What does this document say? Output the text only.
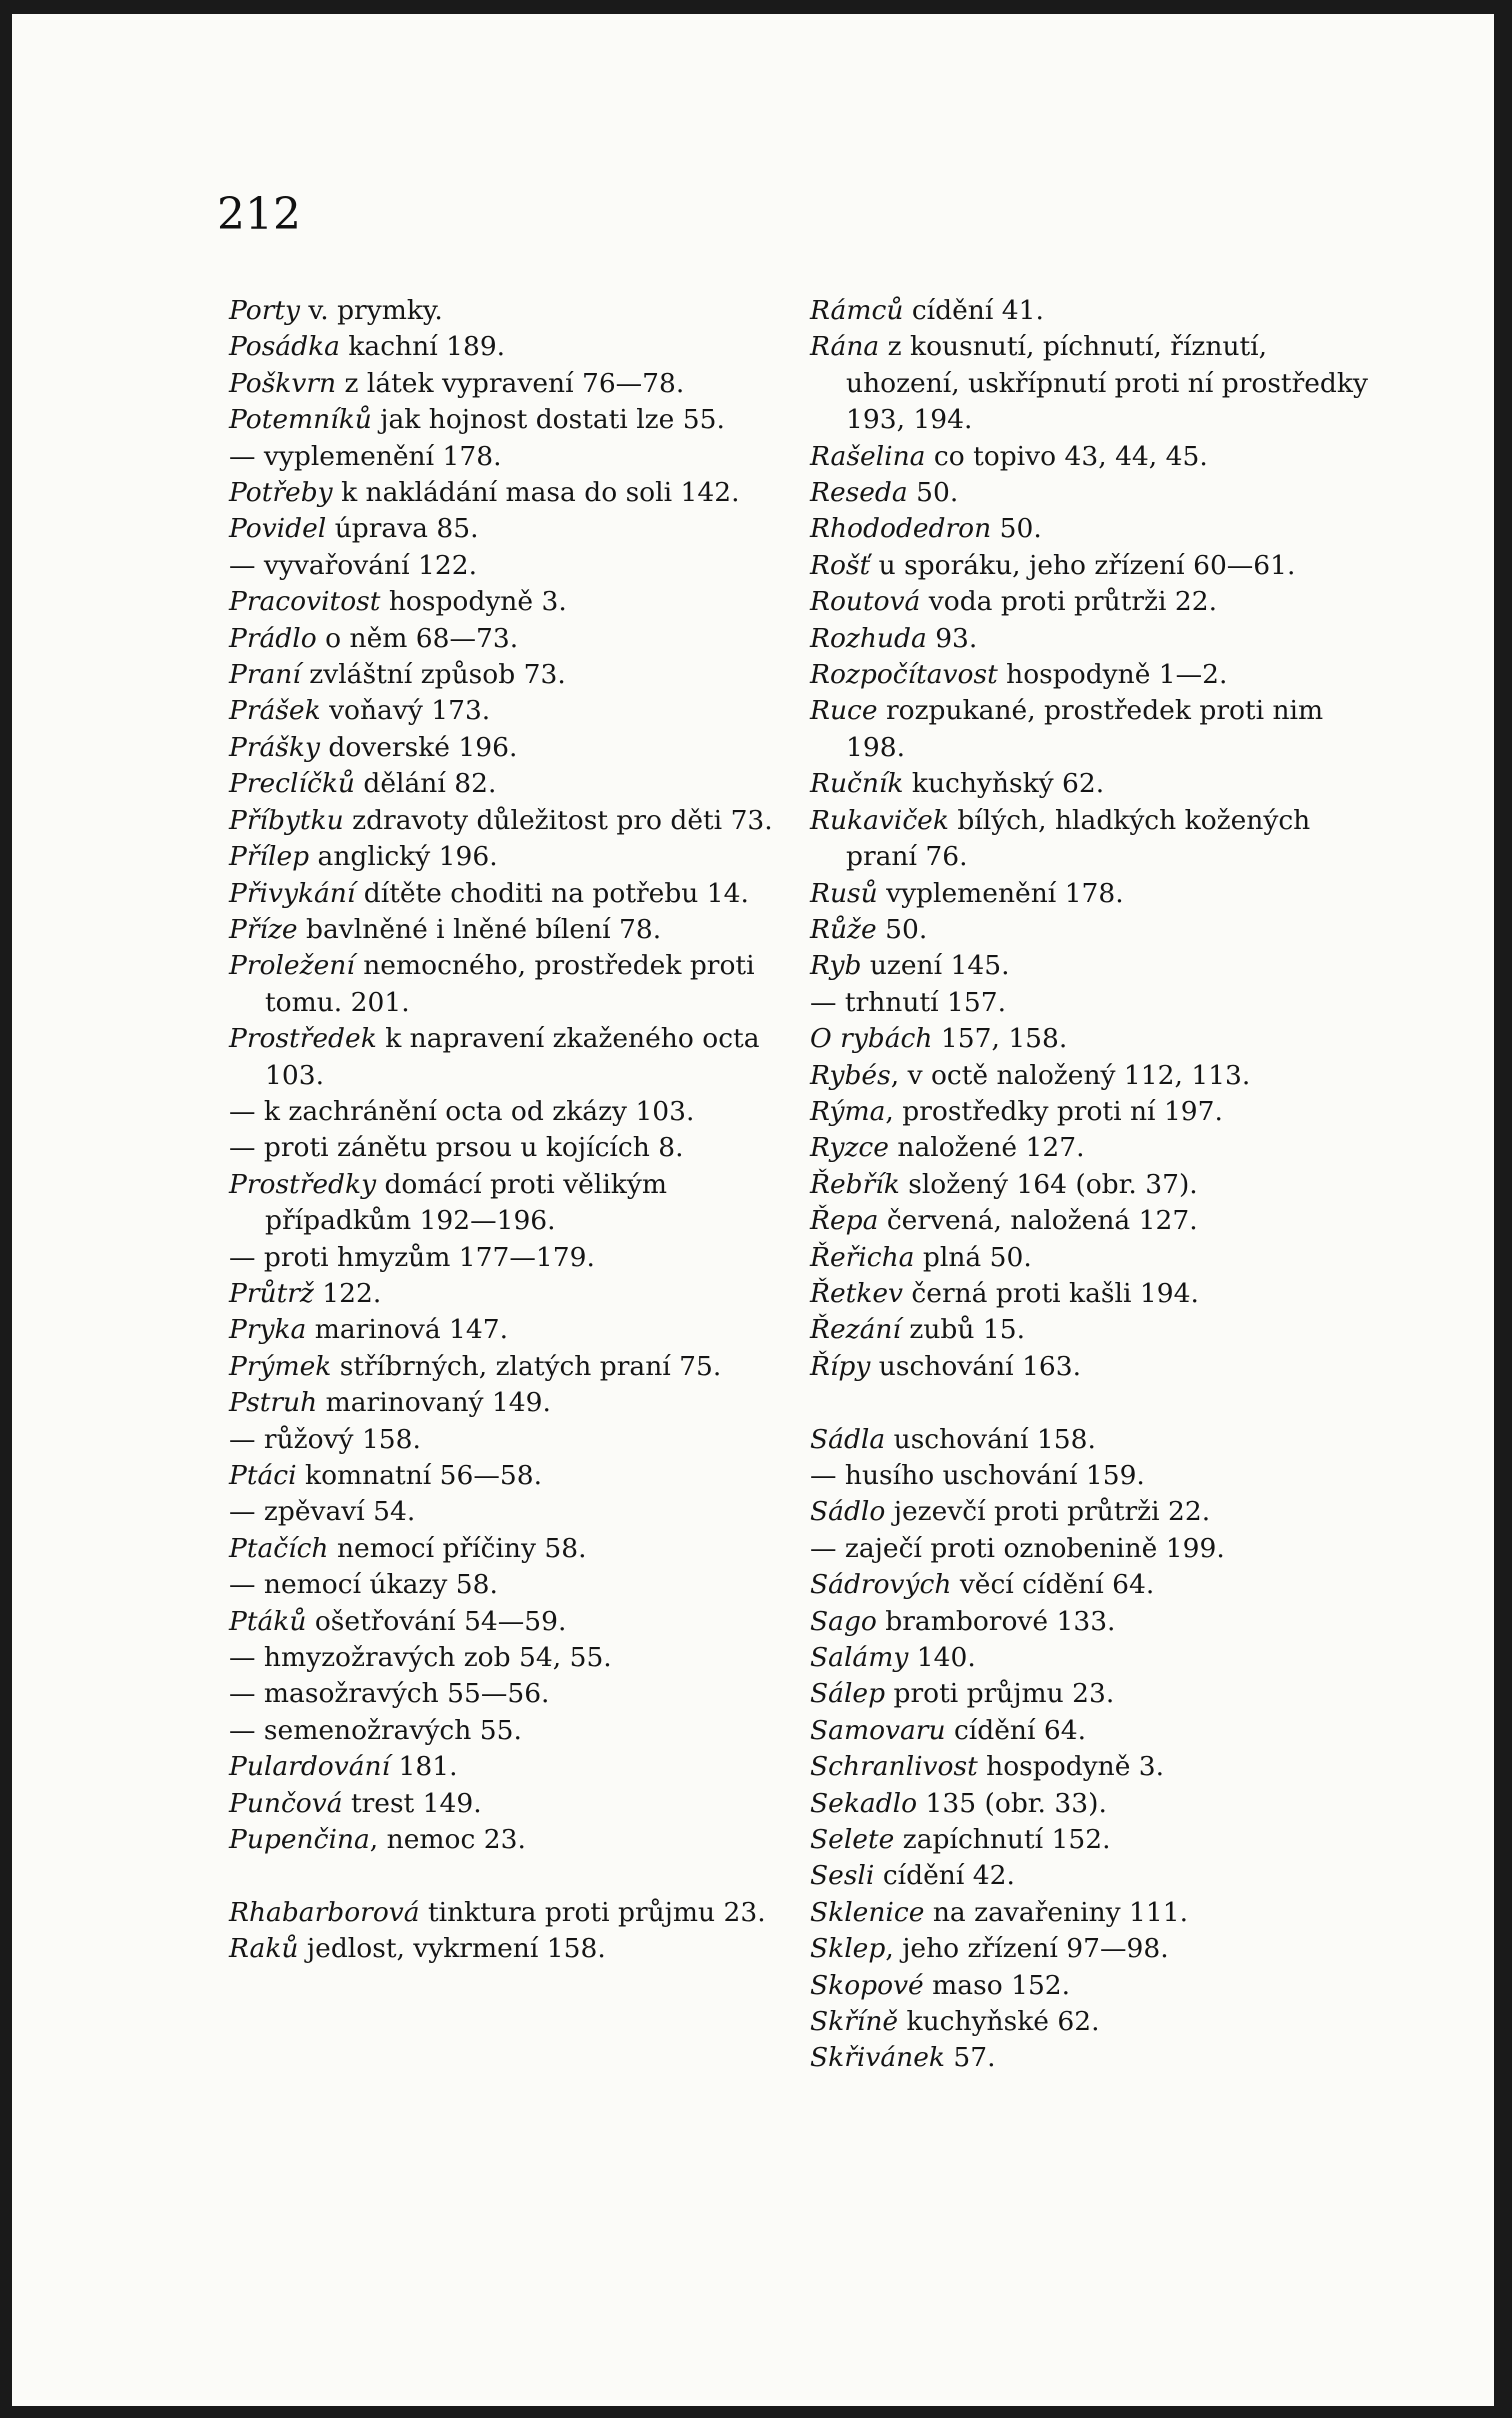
212

Porty v. prymky.

Posádka kachní 189.

Poškvrn z látek vypravení 76—78.

Potemníků jak hojnost dostati lze 55.

— vyplemenění 178.

Potřeby k nakládání masa do soli 142.

Povidel úprava 85.

— vyvařování 122.

Pracovitost hospodyně 3.

Prádlo o něm 68—73.

Praní zvláštní způsob 73.

Prášek voňavý 173.

Prášky doverské 196.

Preclíčků dělání 82.

Příbytku zdravoty důležitost pro děti 73.

Přílep anglický 196.

Přivykání dítěte choditi na potřebu 14.

Příze bavlněné i lněné bílení 78.

Proležení nemocného, prostředek proti tomu. 201.

Prostředek k napravení zkaženého octa 103.

— k zachránění octa od zkázy 103.

— proti zánětu prsou u kojících 8.

Prostředky domácí proti vělikým případkům 192—196.

— proti hmyzům 177—179.

Průtrž 122.

Pryka marinová 147.

Prýmek stříbrných, zlatých praní 75.

Pstruh marinovaný 149.

— růžový 158.

Ptáci komnatní 56—58.

— zpěvaví 54.

Ptačích nemocí příčiny 58.

— nemocí úkazy 58.

Ptáků ošetřování 54—59.

— hmyzožravých zob 54, 55.

— masožravých 55—56.

— semenožravých 55.

Pulardování 181.

Punčová trest 149.

Pupenčina, nemoc 23.

Rhabarborová tinktura proti průjmu 23.

Raků jedlost, vykrmení 158.

Rámců cídění 41.

Rána z kousnutí, píchnutí, říznutí, uhození, uskřípnutí proti ní prostředky 193, 194.

Rašelina co topivo 43, 44, 45.

Reseda 50.

Rhododedron 50.

Rošť u sporáku, jeho zřízení 60—61.

Routová voda proti průtrži 22.

Rozhuda 93.

Rozpočítavost hospodyně 1—2.

Ruce rozpukané, prostředek proti nim 198.

Ručník kuchyňský 62.

Rukaviček bílých, hladkých kožených praní 76.

Rusů vyplemenění 178.

Růže 50.

Ryb uzení 145.

— trhnutí 157.

O rybách 157, 158.

Rybés, v octě naložený 112, 113.

Rýma, prostředky proti ní 197.

Ryzce naložené 127.

Řebřík složený 164 (obr. 37).

Řepa červená, naložená 127.

Řeřicha plná 50.

Řetkev černá proti kašli 194.

Řezání zubů 15.

Řípy uschování 163.

Sádla uschování 158.

— husího uschování 159.

Sádlo jezevčí proti průtrži 22.

— zaječí proti oznobenině 199.

Sádrových věcí cídění 64.

Sago bramborové 133.

Salámy 140.

Sálep proti průjmu 23.

Samovaru cídění 64.

Schranlivost hospodyně 3.

Sekadlo 135 (obr. 33).

Selete zapíchnutí 152.

Sesli cídění 42.

Sklenice na zavařeniny 111.

Sklep, jeho zřízení 97—98.

Skopové maso 152.

Skříně kuchyňské 62.

Skřivánek 57.
